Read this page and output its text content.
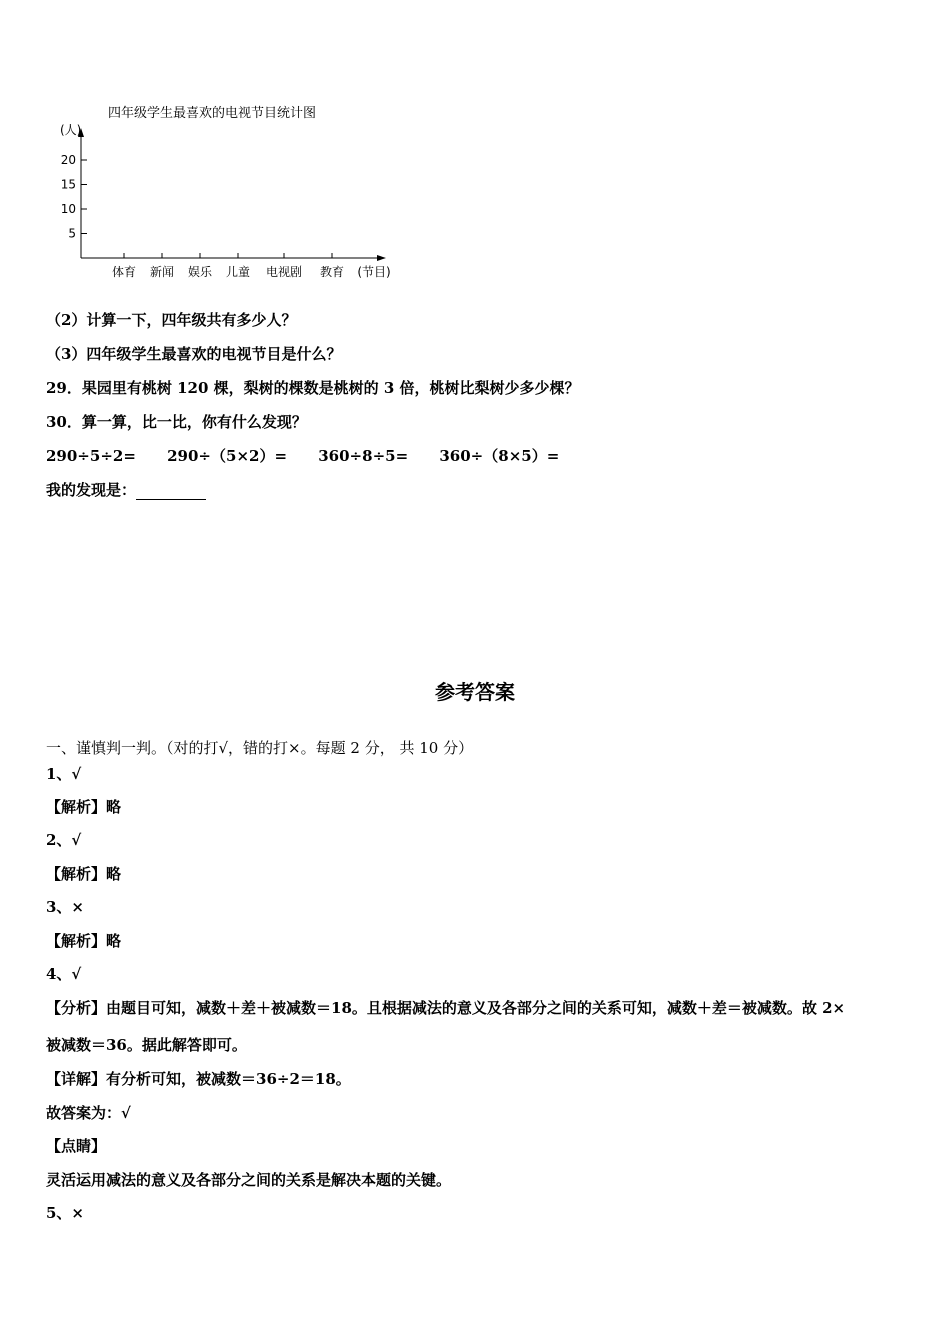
四年级学生最喜欢的电视节目统计图
5
10
15
20
(人)
体育 新闻 娱乐 儿童 电视剧 教育 (节目)
（2）计算一下，四年级共有多少人？
（3）四年级学生最喜欢的电视节目是什么？
29．果园里有桃树 120 棵，梨树的棵数是桃树的 3 倍，桃树比梨树少多少棵？
30．算一算，比一比，你有什么发现？
290÷5÷2= 290÷（5×2）= 360÷8÷5= 360÷（8×5）=
我的发现是：
参考答案
一、谨慎判一判。（对的打√，错的打×。每题 2 分， 共 10 分）
1、√
【解析】略
2、√
【解析】略
3、×
【解析】略
4、√
【分析】由题目可知，减数＋差＋被减数＝18。且根据减法的意义及各部分之间的关系可知，减数＋差＝被减数。故 2×
被减数＝36。据此解答即可。
【详解】有分析可知，被减数＝36÷2＝18。
故答案为：√
【点睛】
灵活运用减法的意义及各部分之间的关系是解决本题的关键。
5、×
